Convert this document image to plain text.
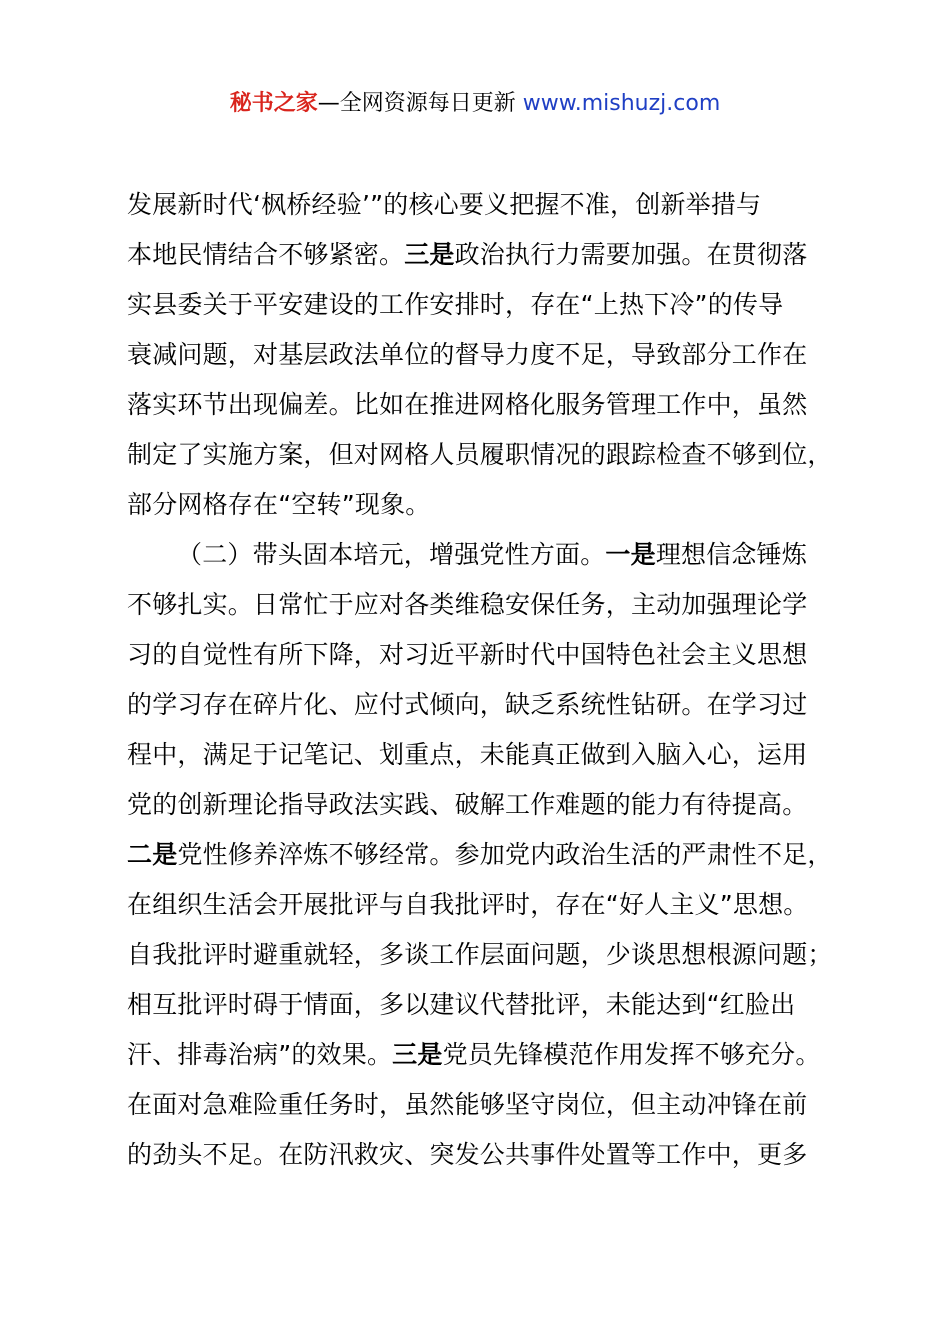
秘书之家—全网资源每日更新 www.mishuzj.com
发展新时代‘枫桥经验’”的核心要义把握不准，创新举措与
本地民情结合不够紧密。三是政治执行力需要加强。在贯彻落
实县委关于平安建设的工作安排时，存在“上热下冷”的传导
衰减问题，对基层政法单位的督导力度不足，导致部分工作在
落实环节出现偏差。比如在推进网格化服务管理工作中，虽然
制定了实施方案，但对网格人员履职情况的跟踪检查不够到位，
部分网格存在“空转”现象。
（二）带头固本培元，增强党性方面。一是理想信念锤炼
不够扎实。日常忙于应对各类维稳安保任务，主动加强理论学
习的自觉性有所下降，对习近平新时代中国特色社会主义思想
的学习存在碎片化、应付式倾向，缺乏系统性钻研。在学习过
程中，满足于记笔记、划重点，未能真正做到入脑入心，运用
党的创新理论指导政法实践、破解工作难题的能力有待提高。
二是党性修养淬炼不够经常。参加党内政治生活的严肃性不足，
在组织生活会开展批评与自我批评时，存在“好人主义”思想。
自我批评时避重就轻，多谈工作层面问题，少谈思想根源问题；
相互批评时碍于情面，多以建议代替批评，未能达到“红脸出
汗、排毒治病”的效果。三是党员先锋模范作用发挥不够充分。
在面对急难险重任务时，虽然能够坚守岗位，但主动冲锋在前
的劲头不足。在防汛救灾、突发公共事件处置等工作中，更多
